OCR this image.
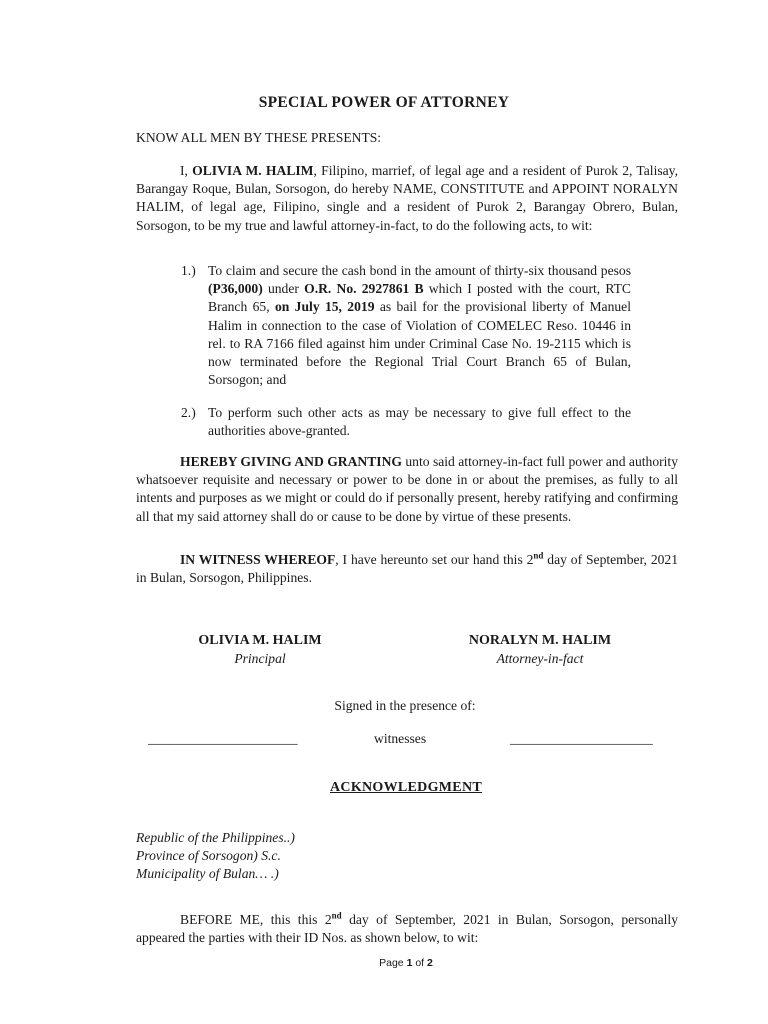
SPECIAL POWER OF ATTORNEY
KNOW ALL MEN BY THESE PRESENTS:
I, OLIVIA M. HALIM, Filipino, marrief, of legal age and a resident of Purok 2, Talisay, Barangay Roque, Bulan, Sorsogon, do hereby NAME, CONSTITUTE and APPOINT NORALYN HALIM, of legal age, Filipino, single and a resident of Purok 2, Barangay Obrero, Bulan, Sorsogon, to be my true and lawful attorney-in-fact, to do the following acts, to wit:
1.) To claim and secure the cash bond in the amount of thirty-six thousand pesos (P36,000) under O.R. No. 2927861 B which I posted with the court, RTC Branch 65, on July 15, 2019 as bail for the provisional liberty of Manuel Halim in connection to the case of Violation of COMELEC Reso. 10446 in rel. to RA 7166 filed against him under Criminal Case No. 19-2115 which is now terminated before the Regional Trial Court Branch 65 of Bulan, Sorsogon; and
2.) To perform such other acts as may be necessary to give full effect to the authorities above-granted.
HEREBY GIVING AND GRANTING unto said attorney-in-fact full power and authority whatsoever requisite and necessary or power to be done in or about the premises, as fully to all intents and purposes as we might or could do if personally present, hereby ratifying and confirming all that my said attorney shall do or cause to be done by virtue of these presents.
IN WITNESS WHEREOF, I have hereunto set our hand this 2nd day of September, 2021 in Bulan, Sorsogon, Philippines.
OLIVIA M. HALIM
Principal
NORALYN M. HALIM
Attorney-in-fact
Signed in the presence of:
______________________	witnesses	_____________________
ACKNOWLEDGMENT
Republic of the Philippines..)
Province of Sorsogon) S.c.
Municipality of Bulan… .)
BEFORE ME, this this 2nd day of September, 2021 in Bulan, Sorsogon, personally appeared the parties with their ID Nos. as shown below, to wit:
Page 1 of 2
